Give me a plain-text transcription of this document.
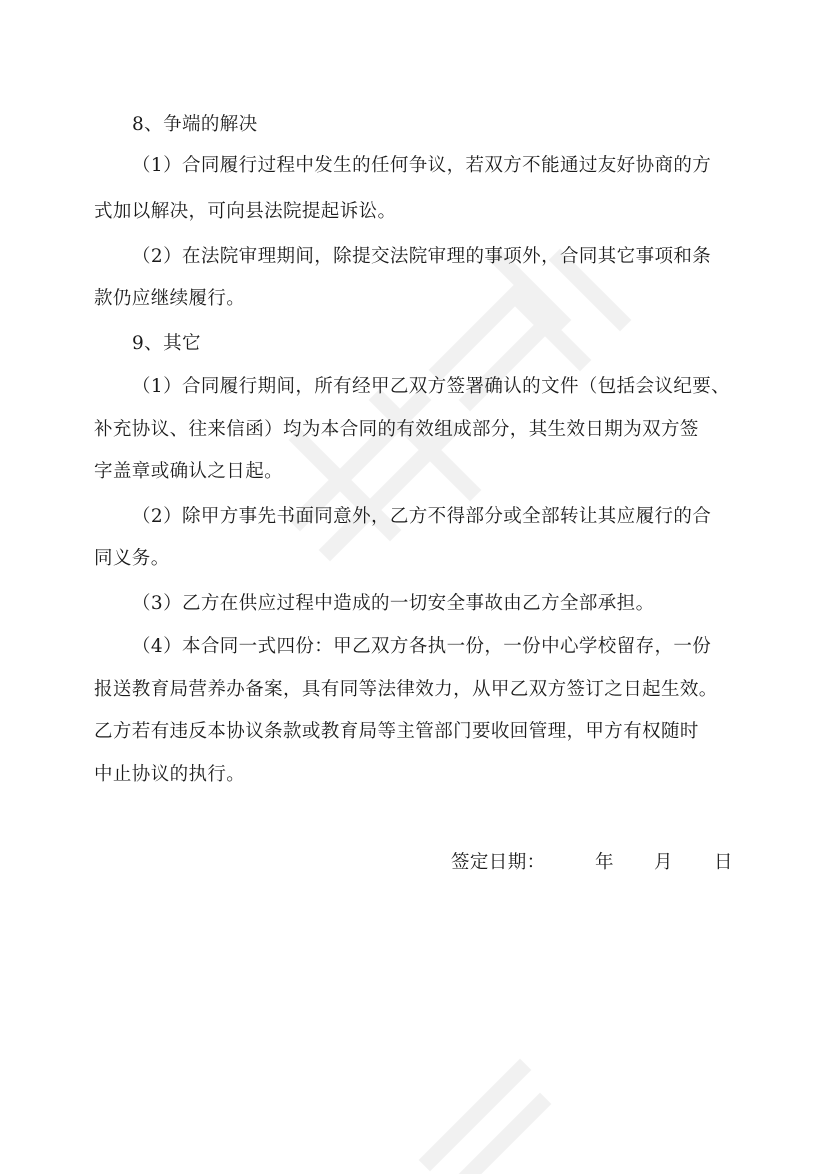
8、争端的解决
（1）合同履行过程中发生的任何争议，若双方不能通过友好协商的方
式加以解决，可向县法院提起诉讼。
（2）在法院审理期间，除提交法院审理的事项外，合同其它事项和条
款仍应继续履行。
9、其它
（1）合同履行期间，所有经甲乙双方签署确认的文件（包括会议纪要、
补充协议、往来信函）均为本合同的有效组成部分，其生效日期为双方签
字盖章或确认之日起。
（2）除甲方事先书面同意外，乙方不得部分或全部转让其应履行的合
同义务。
（3）乙方在供应过程中造成的一切安全事故由乙方全部承担。
（4）本合同一式四份：甲乙双方各执一份，一份中心学校留存，一份
报送教育局营养办备案，具有同等法律效力，从甲乙双方签订之日起生效。
乙方若有违反本协议条款或教育局等主管部门要收回管理，甲方有权随时
中止协议的执行。
签定日期：	年 月 日
